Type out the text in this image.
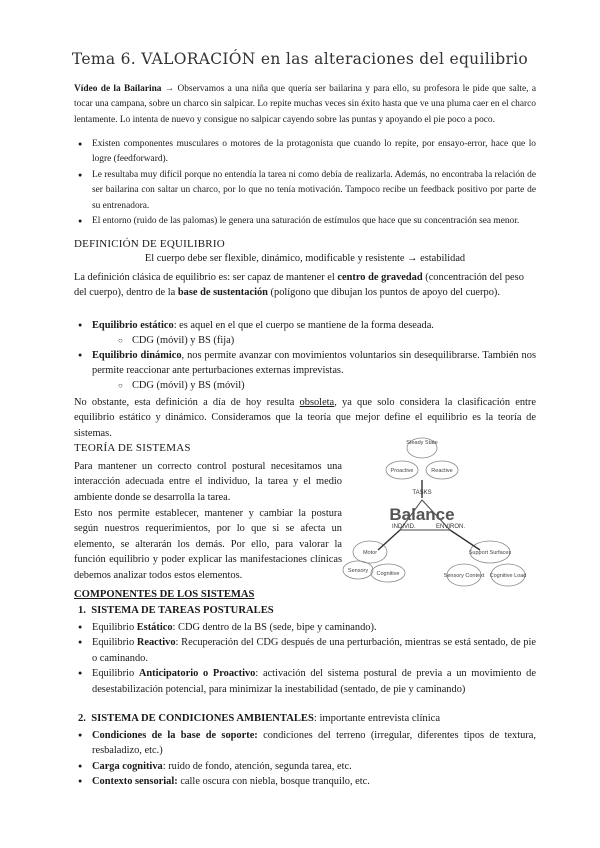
Tema 6. VALORACIÓN en las alteraciones del equilibrio
Vídeo de la Bailarina → Observamos a una niña que quería ser bailarina y para ello, su profesora le pide que salte, a tocar una campana, sobre un charco sin salpicar. Lo repite muchas veces sin éxito hasta que ve una pluma caer en el charco lentamente. Lo intenta de nuevo y consigue no salpicar cayendo sobre las puntas y apoyando el pie poco a poco.
● Existen componentes musculares o motores de la protagonista que cuando lo repite, por ensayo-error, hace que lo logre (feedforward).
● Le resultaba muy difícil porque no entendía la tarea ni como debía de realizarla. Además, no encontraba la relación de ser bailarina con saltar un charco, por lo que no tenía motivación. Tampoco recibe un feedback positivo por parte de su entrenadora.
● El entorno (ruido de las palomas) le genera una saturación de estímulos que hace que su concentración sea menor.
DEFINICIÓN DE EQUILIBRIO
El cuerpo debe ser flexible, dinámico, modificable y resistente → estabilidad
La definición clásica de equilibrio es: ser capaz de mantener el centro de gravedad (concentración del peso del cuerpo), dentro de la base de sustentación (polígono que dibujan los puntos de apoyo del cuerpo).
● Equilibrio estático: es aquel en el que el cuerpo se mantiene de la forma deseada.
○ CDG (móvil) y BS (fija)
● Equilibrio dinámico, nos permite avanzar con movimientos voluntarios sin desequilibrarse. También nos permite reaccionar ante perturbaciones externas imprevistas.
○ CDG (móvil) y BS (móvil)
No obstante, esta definición a día de hoy resulta obsoleta, ya que solo considera la clasificación entre equilibrio estático y dinámico. Consideramos que la teoría que mejor define el equilibrio es la teoría de sistemas.
TEORÍA DE SISTEMAS
Para mantener un correcto control postural necesitamos una interacción adecuada entre el individuo, la tarea y el medio ambiente donde se desarrolla la tarea.
Esto nos permite establecer, mantener y cambiar la postura según nuestros requerimientos, por lo que si se afecta un elemento, se alterarán los demás. Por ello, para valorar la función equilibrio y poder explicar las manifestaciones clínicas debemos analizar todos estos elementos.
Steady State
Proactive	Reactive
TASKS
Balance
INDIVID.	ENVIRON.
Motor
Sensory Cognitive
Support Surfaces
Sensory Context Cognitive Load
COMPONENTES DE LOS SISTEMAS
1. SISTEMA DE TAREAS POSTURALES
● Equilibrio Estático: CDG dentro de la BS (sede, bipe y caminando).
● Equilibrio Reactivo: Recuperación del CDG después de una perturbación, mientras se está sentado, de pie o caminando.
● Equilibrio Anticipatorio o Proactivo: activación del sistema postural de previa a un movimiento de desestabilización potencial, para minimizar la inestabilidad (sentado, de pie y caminando)
2. SISTEMA DE CONDICIONES AMBIENTALES: importante entrevista clínica
● Condiciones de la base de soporte: condiciones del terreno (irregular, diferentes tipos de textura, resbaladizo, etc.)
● Carga cognitiva: ruido de fondo, atención, segunda tarea, etc.
● Contexto sensorial: calle oscura con niebla, bosque tranquilo, etc.
